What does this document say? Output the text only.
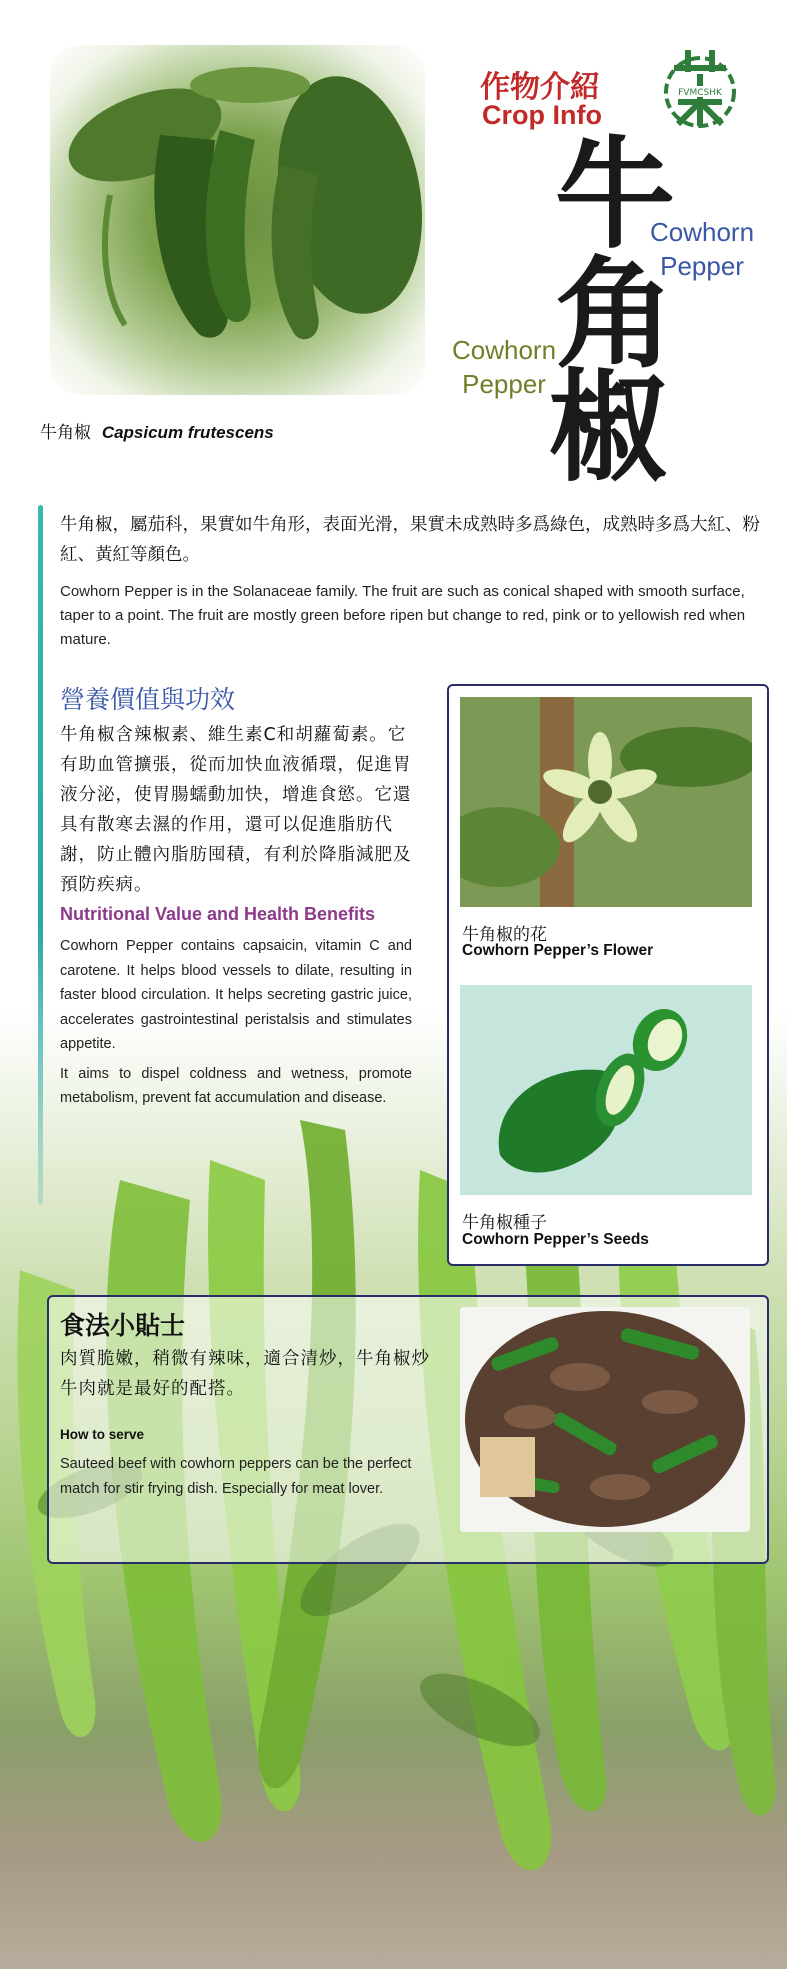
牛角椒 Capsicum frutescens
作物介紹
Crop Info
FVMCSHK
牛
角
椒
Cowhorn
Pepper
Cowhorn
Pepper
牛角椒，屬茄科，果實如牛角形，表面光滑，果實未成熟時多爲綠色，成熟時多爲大紅、粉紅、黃紅等顏色。
Cowhorn Pepper is in the Solanaceae family. The fruit are such as conical shaped with smooth surface, taper to a point. The fruit are mostly green before ripen but change to red, pink or to yellowish red when mature.
營養價值與功效
牛角椒含辣椒素、維生素C和胡蘿蔔素。它有助血管擴張，從而加快血液循環，促進胃液分泌，使胃腸蠕動加快，增進食慾。它還具有散寒去濕的作用，還可以促進脂肪代謝，防止體內脂肪囤積，有利於降脂減肥及預防疾病。
Nutritional Value and Health Benefits

Cowhorn Pepper contains capsaicin, vitamin C and carotene. It helps blood vessels to dilate, resulting in faster blood circulation. It helps secreting gastric juice, accelerates gastrointestinal peristalsis and stimulates appetite.

It aims to dispel coldness and wetness, promote metabolism, prevent fat accumulation and disease.

牛角椒的花
Cowhorn Pepper’s Flower
牛角椒種子
Cowhorn Pepper’s Seeds
食法小貼士
肉質脆嫩，稍微有辣味，適合清炒，牛角椒炒牛肉就是最好的配搭。
How to serve
Sauteed beef with cowhorn peppers can be the perfect match for stir frying dish. Especially for meat lover.
